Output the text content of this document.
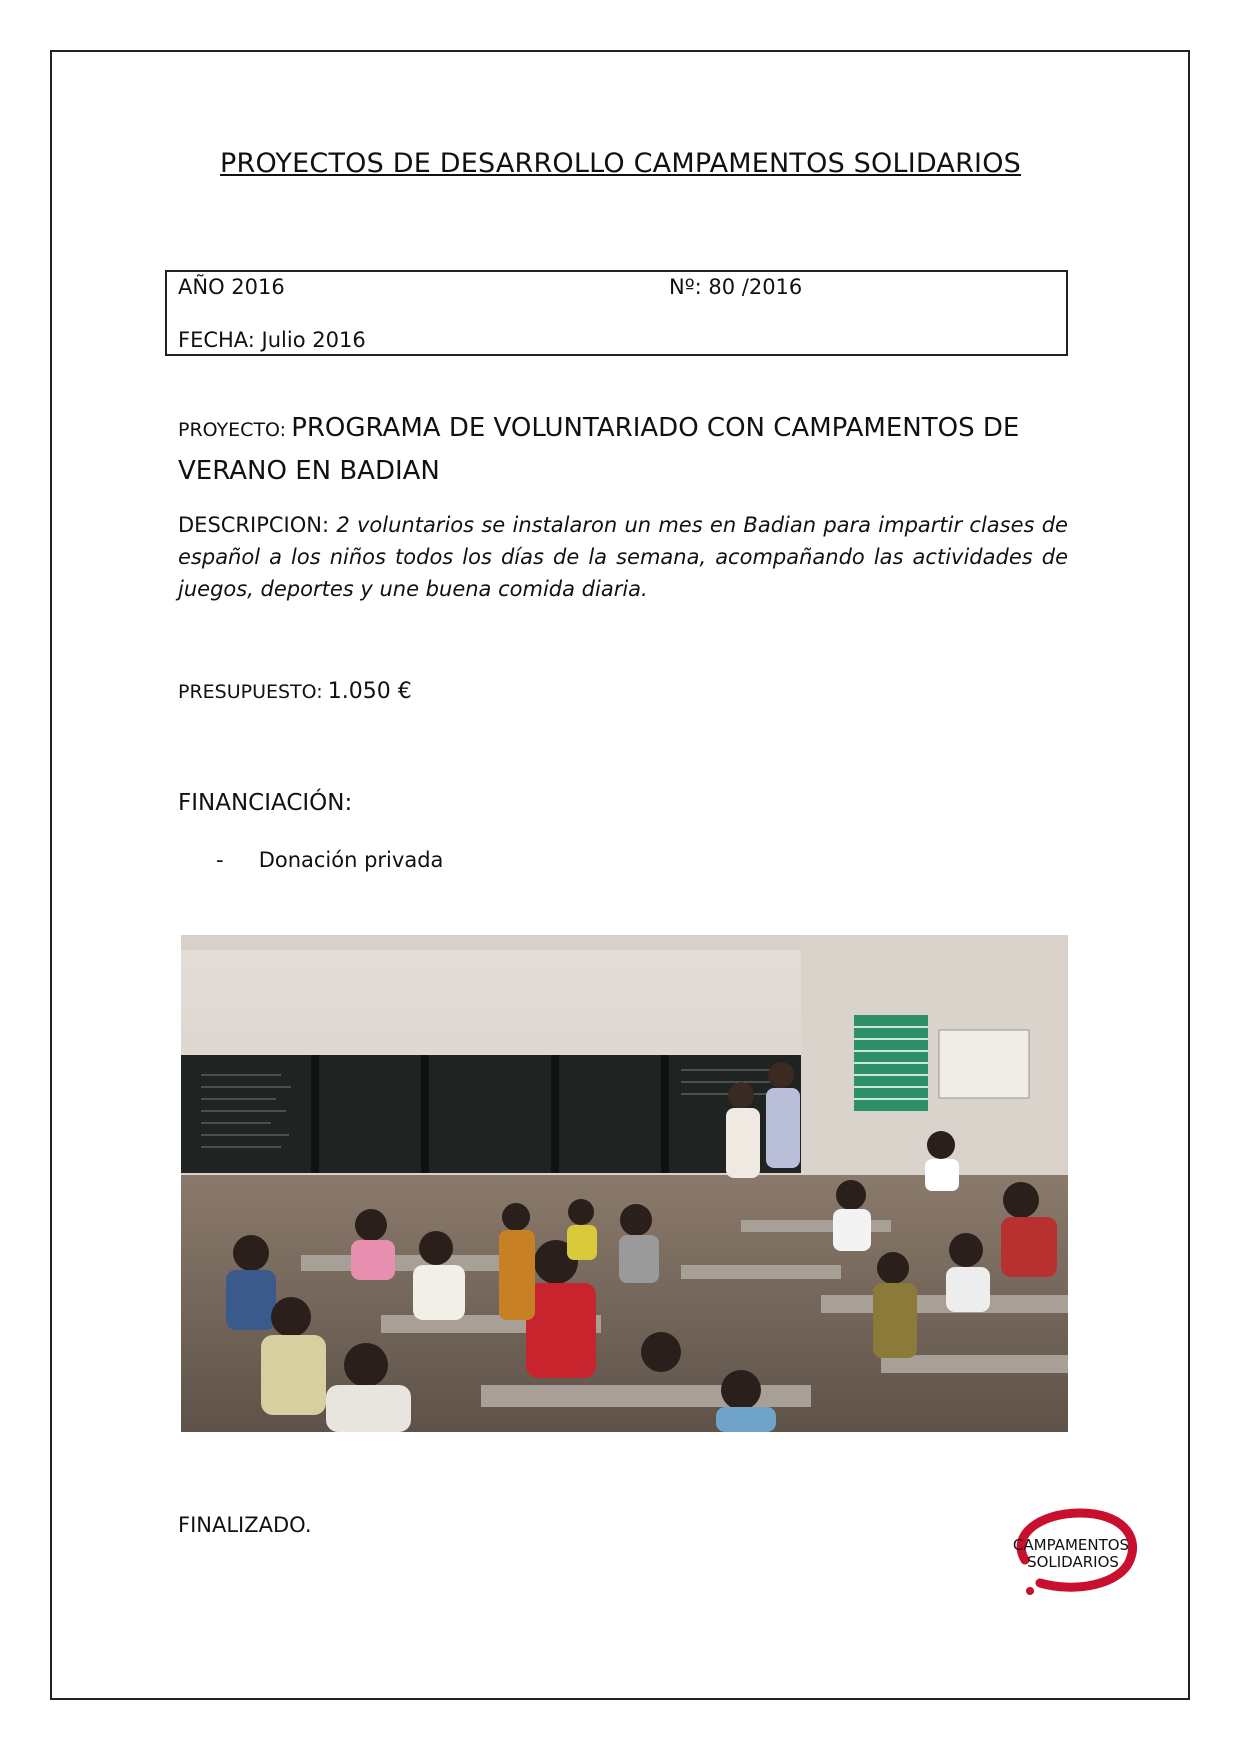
PROYECTOS DE DESARROLLO CAMPAMENTOS SOLIDARIOS
AÑO 2016	Nº: 80 /2016
FECHA: Julio 2016
PROYECTO: PROGRAMA DE VOLUNTARIADO CON CAMPAMENTOS DE VERANO EN BADIAN
DESCRIPCION: 2 voluntarios se instalaron un mes en Badian para impartir clases de español a los niños todos los días de la semana, acompañando las actividades de juegos, deportes y une buena comida diaria.
PRESUPUESTO: 1.050 €
FINANCIACIÓN:
- Donación privada
FINALIZADO.
CAMPAMENTOS
SOLIDARIOS
